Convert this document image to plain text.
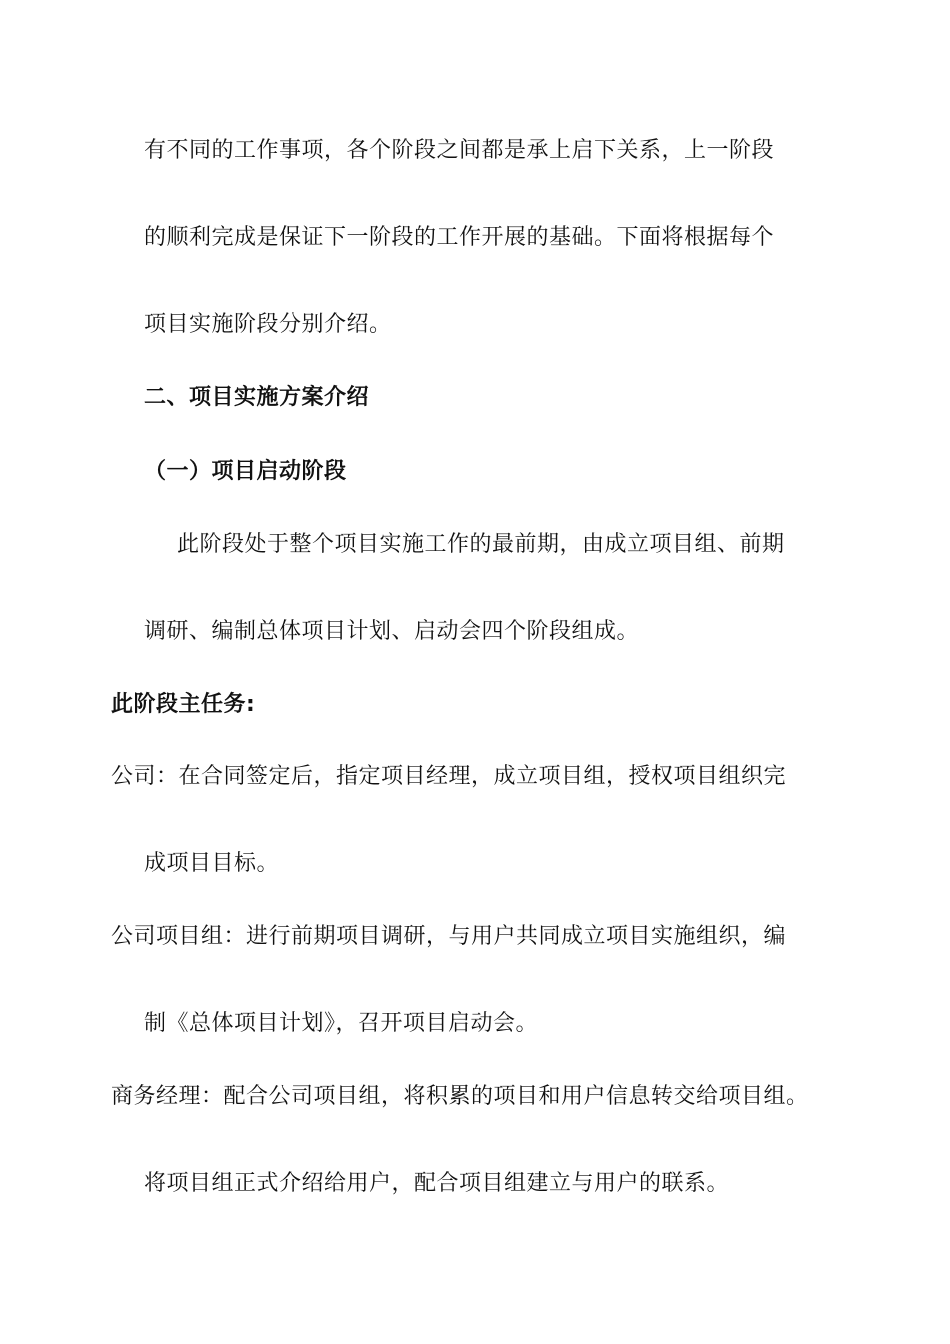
有不同的工作事项，各个阶段之间都是承上启下关系，上一阶段
的顺利完成是保证下一阶段的工作开展的基础。下面将根据每个
项目实施阶段分别介绍。
二、项目实施方案介绍
（一）项目启动阶段
此阶段处于整个项目实施工作的最前期，由成立项目组、前期
调研、编制总体项目计划、启动会四个阶段组成。
此阶段主任务:
公司：在合同签定后，指定项目经理，成立项目组，授权项目组织完
成项目目标。
公司项目组：进行前期项目调研，与用户共同成立项目实施组织，编
制《总体项目计划》，召开项目启动会。
商务经理：配合公司项目组，将积累的项目和用户信息转交给项目组。
将项目组正式介绍给用户，配合项目组建立与用户的联系。
